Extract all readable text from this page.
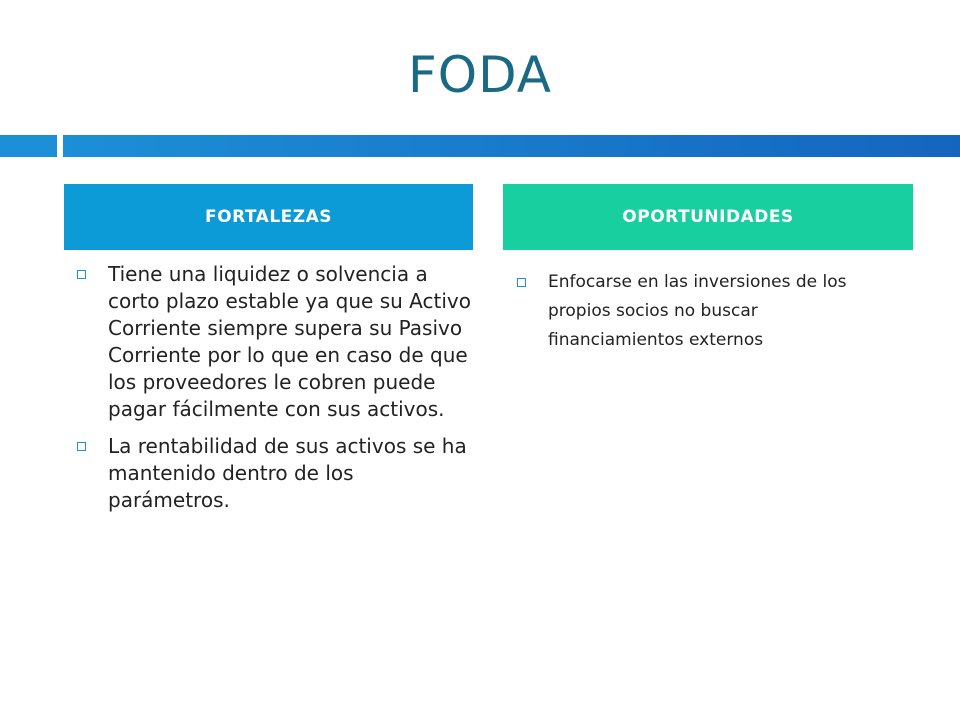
FODA
FORTALEZAS	OPORTUNIDADES
Tiene una liquidez o solvencia a corto plazo estable ya que su Activo Corriente siempre supera su Pasivo Corriente por lo que en caso de que los proveedores le cobren puede pagar fácilmente con sus activos.
La rentabilidad de sus activos se ha mantenido dentro de los parámetros.
Enfocarse en las inversiones de los propios socios no buscar financiamientos externos
